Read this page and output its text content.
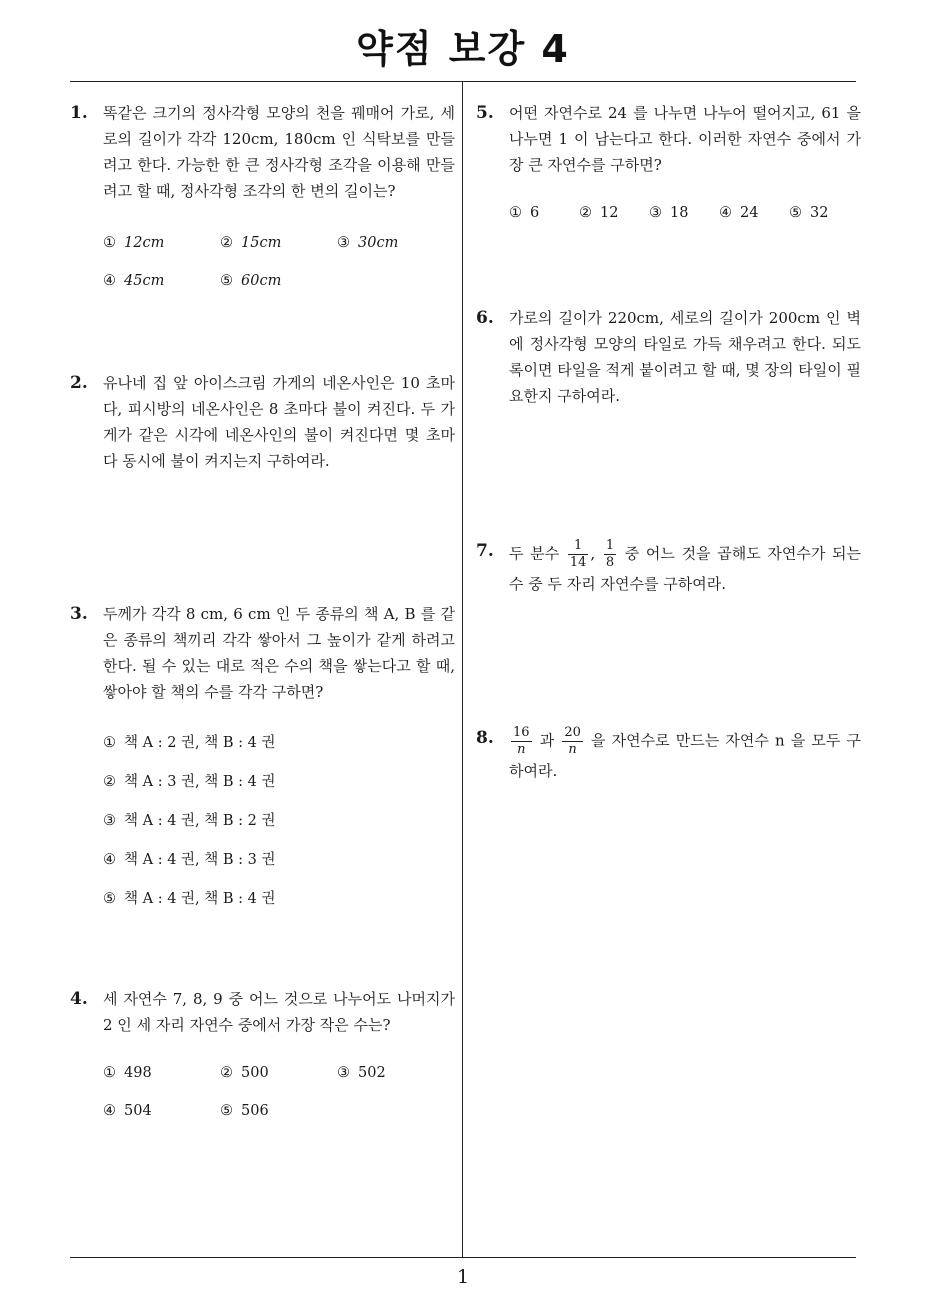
약점 보강 4
1
1. 똑같은 크기의 정사각형 모양의 천을 꿰매어 가로, 세로의 길이가 각각 120cm, 180cm 인 식탁보를 만들려고 한다. 가능한 한 큰 정사각형 조각을 이용해 만들려고 할 때, 정사각형 조각의 한 변의 길이는?
① 12cm	② 15cm	③ 30cm
④ 45cm	⑤ 60cm
2. 유나네 집 앞 아이스크림 가게의 네온사인은 10 초마다, 피시방의 네온사인은 8 초마다 불이 켜진다. 두 가게가 같은 시각에 네온사인의 불이 켜진다면 몇 초마다 동시에 불이 켜지는지 구하여라.
3. 두께가 각각 8 cm, 6 cm 인 두 종류의 책 A, B 를 같은 종류의 책끼리 각각 쌓아서 그 높이가 같게 하려고 한다. 될 수 있는 대로 적은 수의 책을 쌓는다고 할 때, 쌓아야 할 책의 수를 각각 구하면?
① 책 A : 2 권, 책 B : 4 권
② 책 A : 3 권, 책 B : 4 권
③ 책 A : 4 권, 책 B : 2 권
④ 책 A : 4 권, 책 B : 3 권
⑤ 책 A : 4 권, 책 B : 4 권
4. 세 자연수 7, 8, 9 중 어느 것으로 나누어도 나머지가 2 인 세 자리 자연수 중에서 가장 작은 수는?
① 498	② 500	③ 502
④ 504	⑤ 506
5. 어떤 자연수로 24 를 나누면 나누어 떨어지고, 61 을 나누면 1 이 남는다고 한다. 이러한 자연수 중에서 가장 큰 자연수를 구하면?
① 6	② 12	③ 18	④ 24	⑤ 32
6. 가로의 길이가 220cm, 세로의 길이가 200cm 인 벽에 정사각형 모양의 타일로 가득 채우려고 한다. 되도록이면 타일을 적게 붙이려고 할 때, 몇 장의 타일이 필요한지 구하여라.
7. 두 분수 $\frac{1}{14}$ , $\frac{1}{8}$ 중 어느 것을 곱해도 자연수가 되는 수 중 두 자리 자연수를 구하여라.
8. $\frac{16}{n}$ 과 $\frac{20}{n}$ 을 자연수로 만드는 자연수 n 을 모두 구하여라.
